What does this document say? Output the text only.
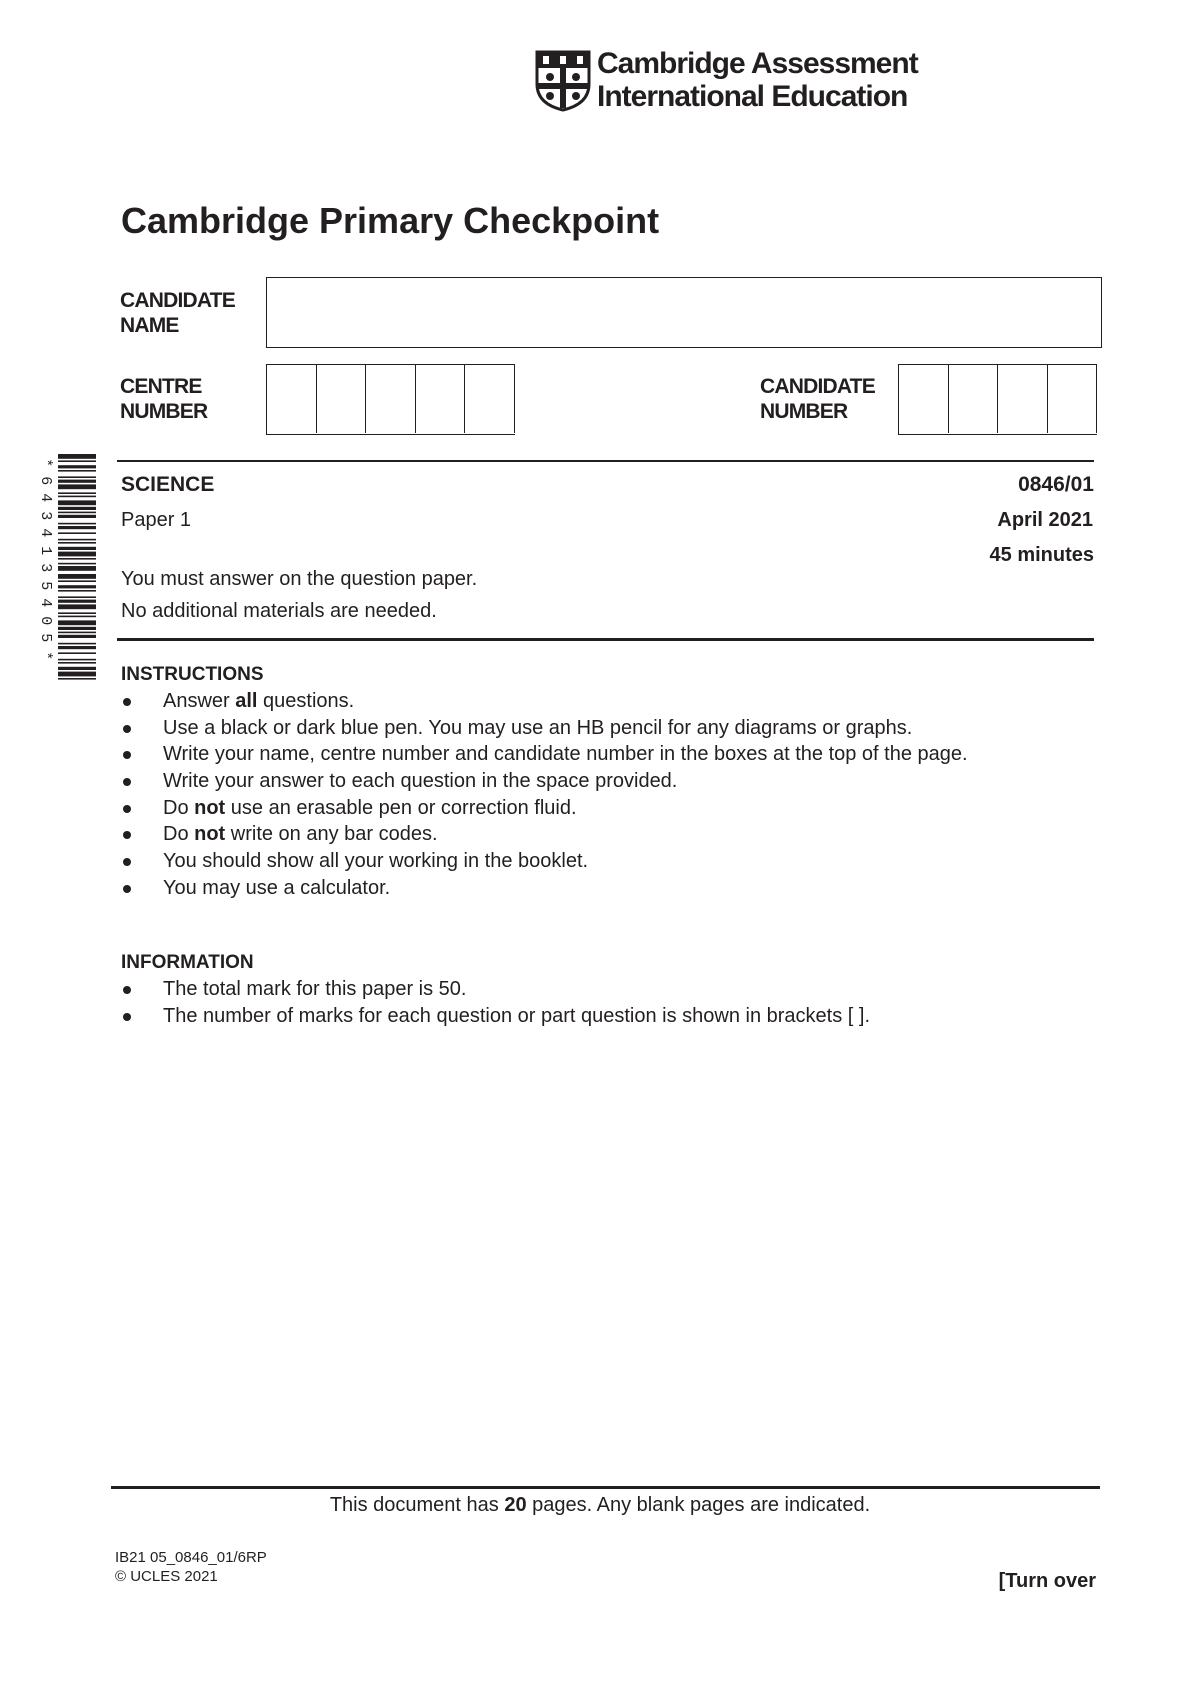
Cambridge Assessment
International Education
Cambridge Primary Checkpoint
CANDIDATE
NAME
CENTRE
NUMBER
CANDIDATE
NUMBER
*
6
4
3
4
1
3
5
4
0
5
*
SCIENCE	0846/01
Paper 1	April 2021
45 minutes
You must answer on the question paper.
No additional materials are needed.
INSTRUCTIONS
Answer all questions.
Use a black or dark blue pen. You may use an HB pencil for any diagrams or graphs.
Write your name, centre number and candidate number in the boxes at the top of the page.
Write your answer to each question in the space provided.
Do not use an erasable pen or correction fluid.
Do not write on any bar codes.
You should show all your working in the booklet.
You may use a calculator.
INFORMATION
The total mark for this paper is 50.
The number of marks for each question or part question is shown in brackets [ ].
This document has 20 pages. Any blank pages are indicated.
IB21 05_0846_01/6RP
© UCLES 2021	[Turn over
